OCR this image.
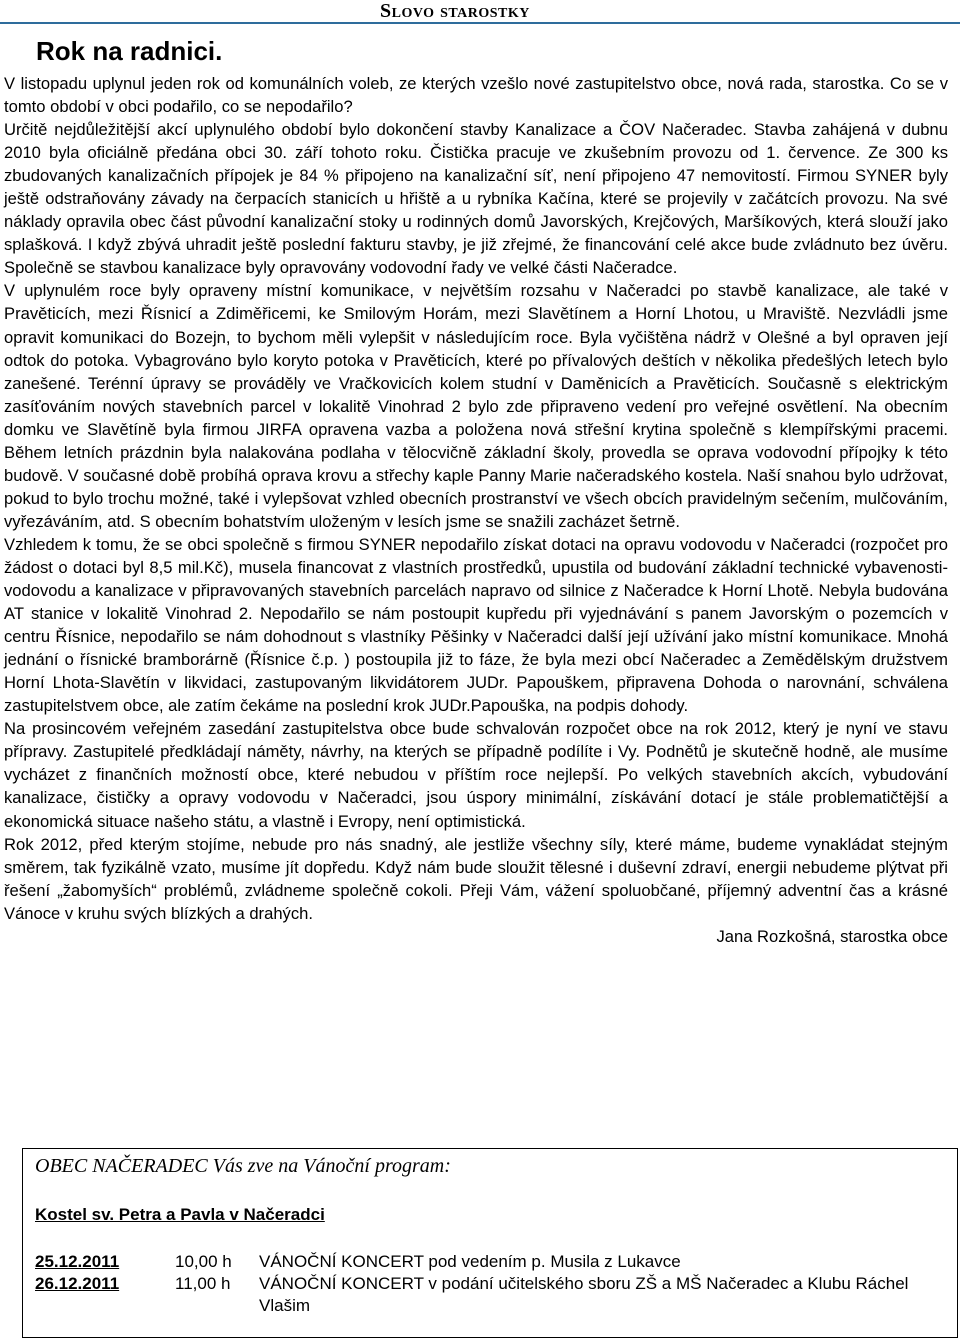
Slovo starostky
Rok na radnici.

V listopadu uplynul jeden rok od komunálních voleb, ze kterých vzešlo nové zastupitelstvo obce, nová rada, starostka. Co se v tomto období v obci podařilo, co se nepodařilo?

Určitě nejdůležitější akcí uplynulého období bylo dokončení stavby Kanalizace a ČOV Načeradec. Stavba zahájená v dubnu 2010 byla oficiálně předána obci 30. září tohoto roku. Čistička pracuje ve zkušebním provozu od 1. července. Ze 300 ks zbudovaných kanalizačních přípojek je 84 % připojeno na kanalizační síť, není připojeno 47 nemovitostí. Firmou SYNER byly ještě odstraňovány závady na čerpacích stanicích u hřiště a u rybníka Kačína, které se projevily v začátcích provozu. Na své náklady opravila obec část původní kanalizační stoky u rodinných domů Javorských, Krejčových, Maršíkových, která slouží jako splašková. I když zbývá uhradit ještě poslední fakturu stavby, je již zřejmé, že financování celé akce bude zvládnuto bez úvěru. Společně se stavbou kanalizace byly opravovány vodovodní řady ve velké části Načeradce.

V uplynulém roce byly opraveny místní komunikace, v největším rozsahu v Načeradci po stavbě kanalizace, ale také v Pravěticích, mezi Řísnicí a Zdiměřicemi, ke Smilovým Horám, mezi Slavětínem a Horní Lhotou, u Mraviště. Nezvládli jsme opravit komunikaci do Bozejn, to bychom měli vylepšit v následujícím roce. Byla vyčištěna nádrž v Olešné a byl opraven její odtok do potoka. Vybagrováno bylo koryto potoka v Pravěticích, které po přívalových deštích v několika předešlých letech bylo zanešené. Terénní úpravy se prováděly ve Vračkovicích kolem studní v Daměnicích a Pravěticích. Současně s elektrickým zasíťováním nových stavebních parcel v lokalitě Vinohrad 2 bylo zde připraveno vedení pro veřejné osvětlení. Na obecním domku ve Slavětíně byla firmou JIRFA opravena vazba a položena nová střešní krytina společně s klempířskými pracemi. Během letních prázdnin byla nalakována podlaha v tělocvičně základní školy, provedla se oprava vodovodní přípojky k této budově. V současné době probíhá oprava krovu a střechy kaple Panny Marie načeradského kostela. Naší snahou bylo udržovat, pokud to bylo trochu možné, také i vylepšovat vzhled obecních prostranství ve všech obcích pravidelným sečením, mulčováním, vyřezáváním, atd. S obecním bohatstvím uloženým v lesích jsme se snažili zacházet šetrně.

Vzhledem k tomu, že se obci společně s firmou SYNER nepodařilo získat dotaci na opravu vodovodu v Načeradci (rozpočet pro žádost o dotaci byl 8,5 mil.Kč), musela financovat z vlastních prostředků, upustila od budování základní technické vybavenosti- vodovodu a kanalizace v připravovaných stavebních parcelách napravo od silnice z Načeradce k Horní Lhotě. Nebyla budována AT stanice v lokalitě Vinohrad 2. Nepodařilo se nám postoupit kupředu při vyjednávání s panem Javorským o pozemcích v centru Řísnice, nepodařilo se nám dohodnout s vlastníky Pěšinky v Načeradci další její užívání jako místní komunikace. Mnohá jednání o řísnické bramborárně (Řísnice č.p. ) postoupila již to fáze, že byla mezi obcí Načeradec a Zemědělským družstvem Horní Lhota-Slavětín v likvidaci, zastupovaným likvidátorem JUDr. Papouškem, připravena Dohoda o narovnání, schválena zastupitelstvem obce, ale zatím čekáme na poslední krok JUDr.Papouška, na podpis dohody.

Na prosincovém veřejném zasedání zastupitelstva obce bude schvalován rozpočet obce na rok 2012, který je nyní ve stavu přípravy. Zastupitelé předkládají náměty, návrhy, na kterých se případně podílíte i Vy. Podnětů je skutečně hodně, ale musíme vycházet z finančních možností obce, které nebudou v příštím roce nejlepší. Po velkých stavebních akcích, vybudování kanalizace, čističky a opravy vodovodu v Načeradci, jsou úspory minimální, získávání dotací je stále problematičtější a ekonomická situace našeho státu, a vlastně i Evropy, není optimistická.

Rok 2012, před kterým stojíme, nebude pro nás snadný, ale jestliže všechny síly, které máme, budeme vynakládat stejným směrem, tak fyzikálně vzato, musíme jít dopředu. Když nám bude sloužit tělesné i duševní zdraví, energii nebudeme plýtvat při řešení „žabomyších“ problémů, zvládneme společně cokoli. Přeji Vám, vážení spoluobčané, příjemný adventní čas a krásné Vánoce v kruhu svých blízkých a drahých.

Jana Rozkošná, starostka obce

OBEC NAČERADEC Vás zve na Vánoční program:
Kostel sv. Petra a Pavla v Načeradci
25.12.2011	10,00 h	VÁNOČNÍ KONCERT pod vedením p. Musila z Lukavce
26.12.2011	11,00 h	VÁNOČNÍ KONCERT v podání učitelského sboru ZŠ a MŠ Načeradec a Klubu Ráchel Vlašim
